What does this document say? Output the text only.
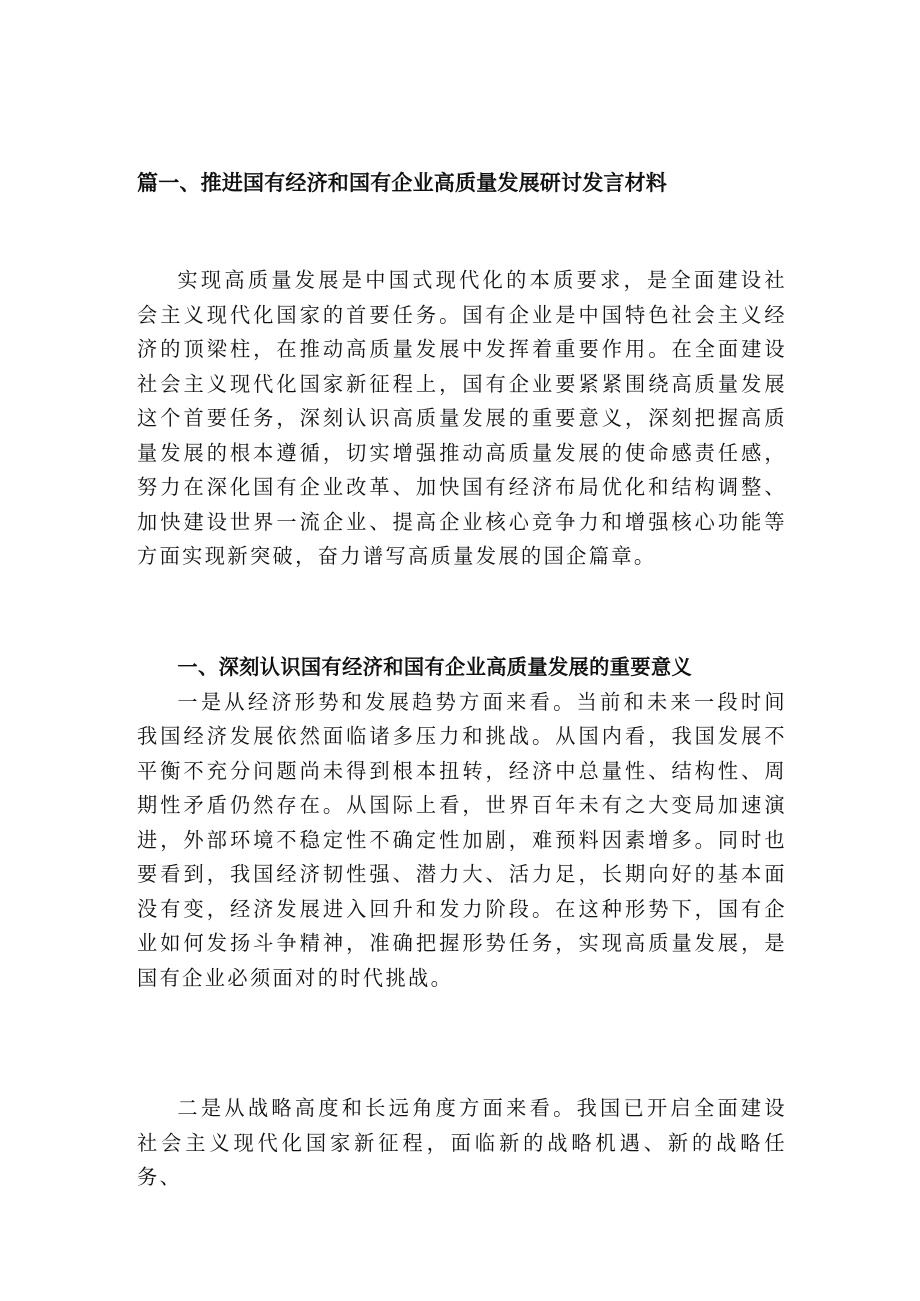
篇一、推进国有经济和国有企业高质量发展研讨发言材料

实现高质量发展是中国式现代化的本质要求，是全面建设社会主义现代化国家的首要任务。国有企业是中国特色社会主义经济的顶梁柱，在推动高质量发展中发挥着重要作用。在全面建设社会主义现代化国家新征程上，国有企业要紧紧围绕高质量发展这个首要任务，深刻认识高质量发展的重要意义，深刻把握高质量发展的根本遵循，切实增强推动高质量发展的使命感责任感，努力在深化国有企业改革、加快国有经济布局优化和结构调整、加快建设世界一流企业、提高企业核心竞争力和增强核心功能等方面实现新突破，奋力谱写高质量发展的国企篇章。

一、深刻认识国有经济和国有企业高质量发展的重要意义

一是从经济形势和发展趋势方面来看。当前和未来一段时间我国经济发展依然面临诸多压力和挑战。从国内看，我国发展不平衡不充分问题尚未得到根本扭转，经济中总量性、结构性、周期性矛盾仍然存在。从国际上看，世界百年未有之大变局加速演进，外部环境不稳定性不确定性加剧，难预料因素增多。同时也要看到，我国经济韧性强、潜力大、活力足，长期向好的基本面没有变，经济发展进入回升和发力阶段。在这种形势下，国有企业如何发扬斗争精神，准确把握形势任务，实现高质量发展，是国有企业必须面对的时代挑战。

二是从战略高度和长远角度方面来看。我国已开启全面建设社会主义现代化国家新征程，面临新的战略机遇、新的战略任务、
